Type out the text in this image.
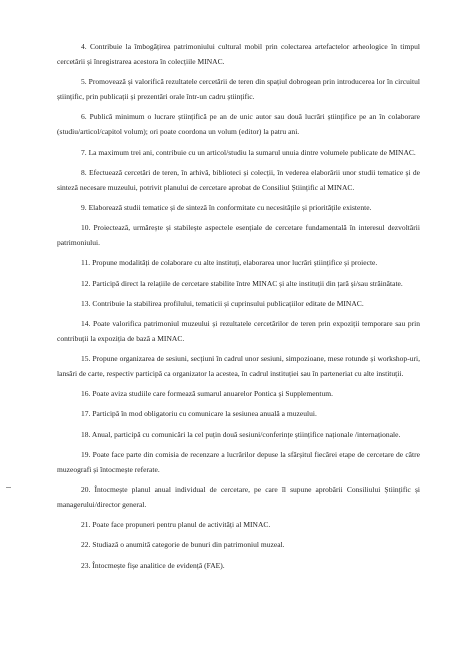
4. Contribuie la îmbogățirea patrimoniului cultural mobil prin colectarea artefactelor arheologice în timpul cercetării și înregistrarea acestora în colecțiile MINAC.

5. Promovează și valorifică rezultatele cercetării de teren din spațiul dobrogean prin introducerea lor în circuitul științific, prin publicații și prezentări orale într-un cadru științific.

6. Publică minimum o lucrare științifică pe an de unic autor sau două lucrări științifice pe an în colaborare (studiu/articol/capitol volum); ori poate coordona un volum (editor) la patru ani.

7. La maximum trei ani, contribuie cu un articol/studiu la sumarul unuia dintre volumele publicate de MINAC.

8. Efectuează cercetări de teren, în arhivă, biblioteci și colecții, în vederea elaborării unor studii tematice și de sinteză necesare muzeului, potrivit planului de cercetare aprobat de Consiliul Științific al MINAC.

9. Elaborează studii tematice și de sinteză în conformitate cu necesitățile și prioritățile existente.

10. Proiectează, urmărește și stabilește aspectele esențiale de cercetare fundamentală în interesul dezvoltării patrimoniului.

11. Propune modalități de colaborare cu alte instituți, elaborarea unor lucrări științifice și proiecte.

12. Participă direct la relațiile de cercetare stabilite între MINAC și alte instituții din țară și/sau străinătate.

13. Contribuie la stabilirea profilului, tematicii și cuprinsului publicațiilor editate de MINAC.

14. Poate valorifica patrimoniul muzeului și rezultatele cercetărilor de teren prin expoziții temporare sau prin contribuții la expoziția de bază a MINAC.

15. Propune organizarea de sesiuni, secțiuni în cadrul unor sesiuni, simpozioane, mese rotunde și workshop-uri, lansări de carte, respectiv participă ca organizator la acestea, în cadrul instituției sau în parteneriat cu alte instituții.

16. Poate aviza studiile care formează sumarul anuarelor Pontica și Supplementum.

17. Participă în mod obligatoriu cu comunicare la sesiunea anuală a muzeului.

18. Anual, participă cu comunicări la cel puțin două sesiuni/conferințe științifice naționale /internaționale.

19. Poate face parte din comisia de recenzare a lucrărilor depuse la sfârșitul fiecărei etape de cercetare de către muzeografi și întocmește referate.

20. Întocmește planul anual individual de cercetare, pe care îl supune aprobării Consiliului Științific și managerului/director general.

21. Poate face propuneri pentru planul de activități al MINAC.

22. Studiază o anumită categorie de bunuri din patrimoniul muzeal.

23. Întocmește fișe analitice de evidență (FAE).
